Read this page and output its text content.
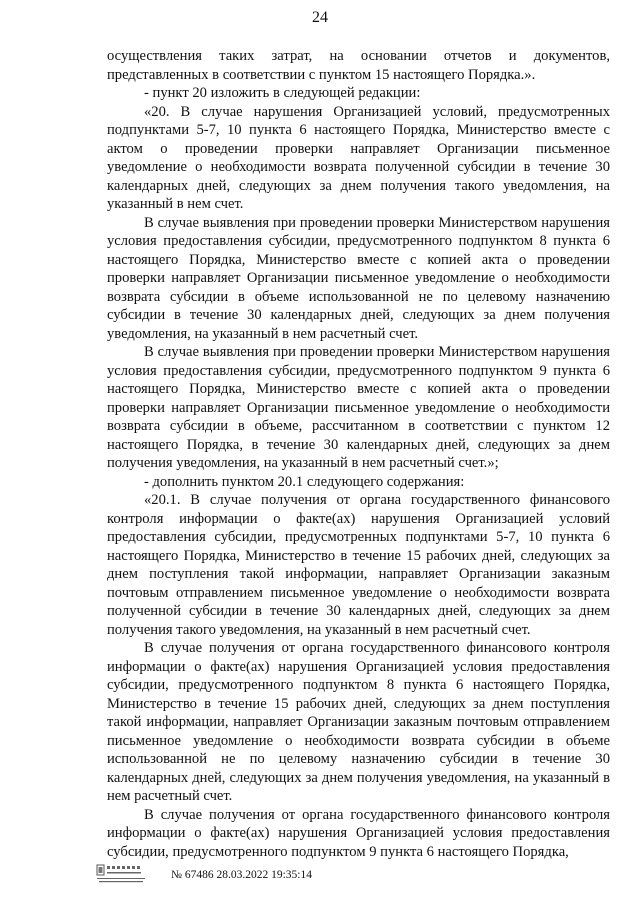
24

осуществления таких затрат, на основании отчетов и документов, представленных в соответствии с пунктом 15 настоящего Порядка.».

- пункт 20 изложить в следующей редакции:

«20. В случае нарушения Организацией условий, предусмотренных подпунктами 5-7, 10 пункта 6 настоящего Порядка, Министерство вместе с актом о проведении проверки направляет Организации письменное уведомление о необходимости возврата полученной субсидии в течение 30 календарных дней, следующих за днем получения такого уведомления, на указанный в нем счет.

В случае выявления при проведении проверки Министерством нарушения условия предоставления субсидии, предусмотренного подпунктом 8 пункта 6 настоящего Порядка, Министерство вместе с копией акта о проведении проверки направляет Организации письменное уведомление о необходимости возврата субсидии в объеме использованной не по целевому назначению субсидии в течение 30 календарных дней, следующих за днем получения уведомления, на указанный в нем расчетный счет.

В случае выявления при проведении проверки Министерством нарушения условия предоставления субсидии, предусмотренного подпунктом 9 пункта 6 настоящего Порядка, Министерство вместе с копией акта о проведении проверки направляет Организации письменное уведомление о необходимости возврата субсидии в объеме, рассчитанном в соответствии с пунктом 12 настоящего Порядка, в течение 30 календарных дней, следующих за днем получения уведомления, на указанный в нем расчетный счет.»;

- дополнить пунктом 20.1 следующего содержания:

«20.1. В случае получения от органа государственного финансового контроля информации о факте(ах) нарушения Организацией условий предоставления субсидии, предусмотренных подпунктами 5-7, 10 пункта 6 настоящего Порядка, Министерство в течение 15 рабочих дней, следующих за днем поступления такой информации, направляет Организации заказным почтовым отправлением письменное уведомление о необходимости возврата полученной субсидии в течение 30 календарных дней, следующих за днем получения такого уведомления, на указанный в нем расчетный счет.

В случае получения от органа государственного финансового контроля информации о факте(ах) нарушения Организацией условия предоставления субсидии, предусмотренного подпунктом 8 пункта 6 настоящего Порядка, Министерство в течение 15 рабочих дней, следующих за днем поступления такой информации, направляет Организации заказным почтовым отправлением письменное уведомление о необходимости возврата субсидии в объеме использованной не по целевому назначению субсидии в течение 30 календарных дней, следующих за днем получения уведомления, на указанный в нем расчетный счет.

В случае получения от органа государственного финансового контроля информации о факте(ах) нарушения Организацией условия предоставления субсидии, предусмотренного подпунктом 9 пункта 6 настоящего Порядка,

№ 67486 28.03.2022 19:35:14
